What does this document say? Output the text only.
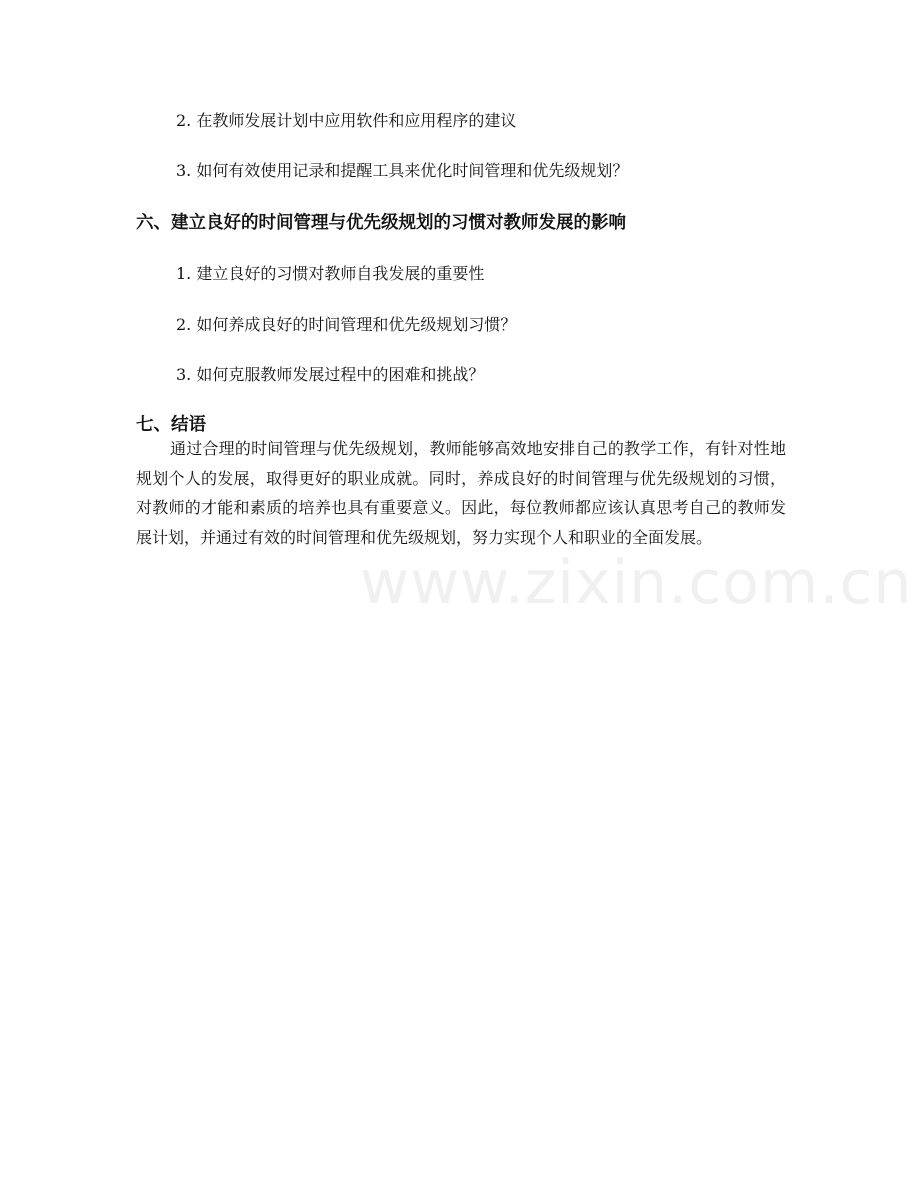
2. 在教师发展计划中应用软件和应用程序的建议
3. 如何有效使用记录和提醒工具来优化时间管理和优先级规划？
六、建立良好的时间管理与优先级规划的习惯对教师发展的影响
1. 建立良好的习惯对教师自我发展的重要性
2. 如何养成良好的时间管理和优先级规划习惯？
3. 如何克服教师发展过程中的困难和挑战？
七、结语
通过合理的时间管理与优先级规划，教师能够高效地安排自己的教学工作，有针对性地规划个人的发展，取得更好的职业成就。同时，养成良好的时间管理与优先级规划的习惯，对教师的才能和素质的培养也具有重要意义。因此，每位教师都应该认真思考自己的教师发展计划，并通过有效的时间管理和优先级规划，努力实现个人和职业的全面发展。
www.zixin.com.cn
